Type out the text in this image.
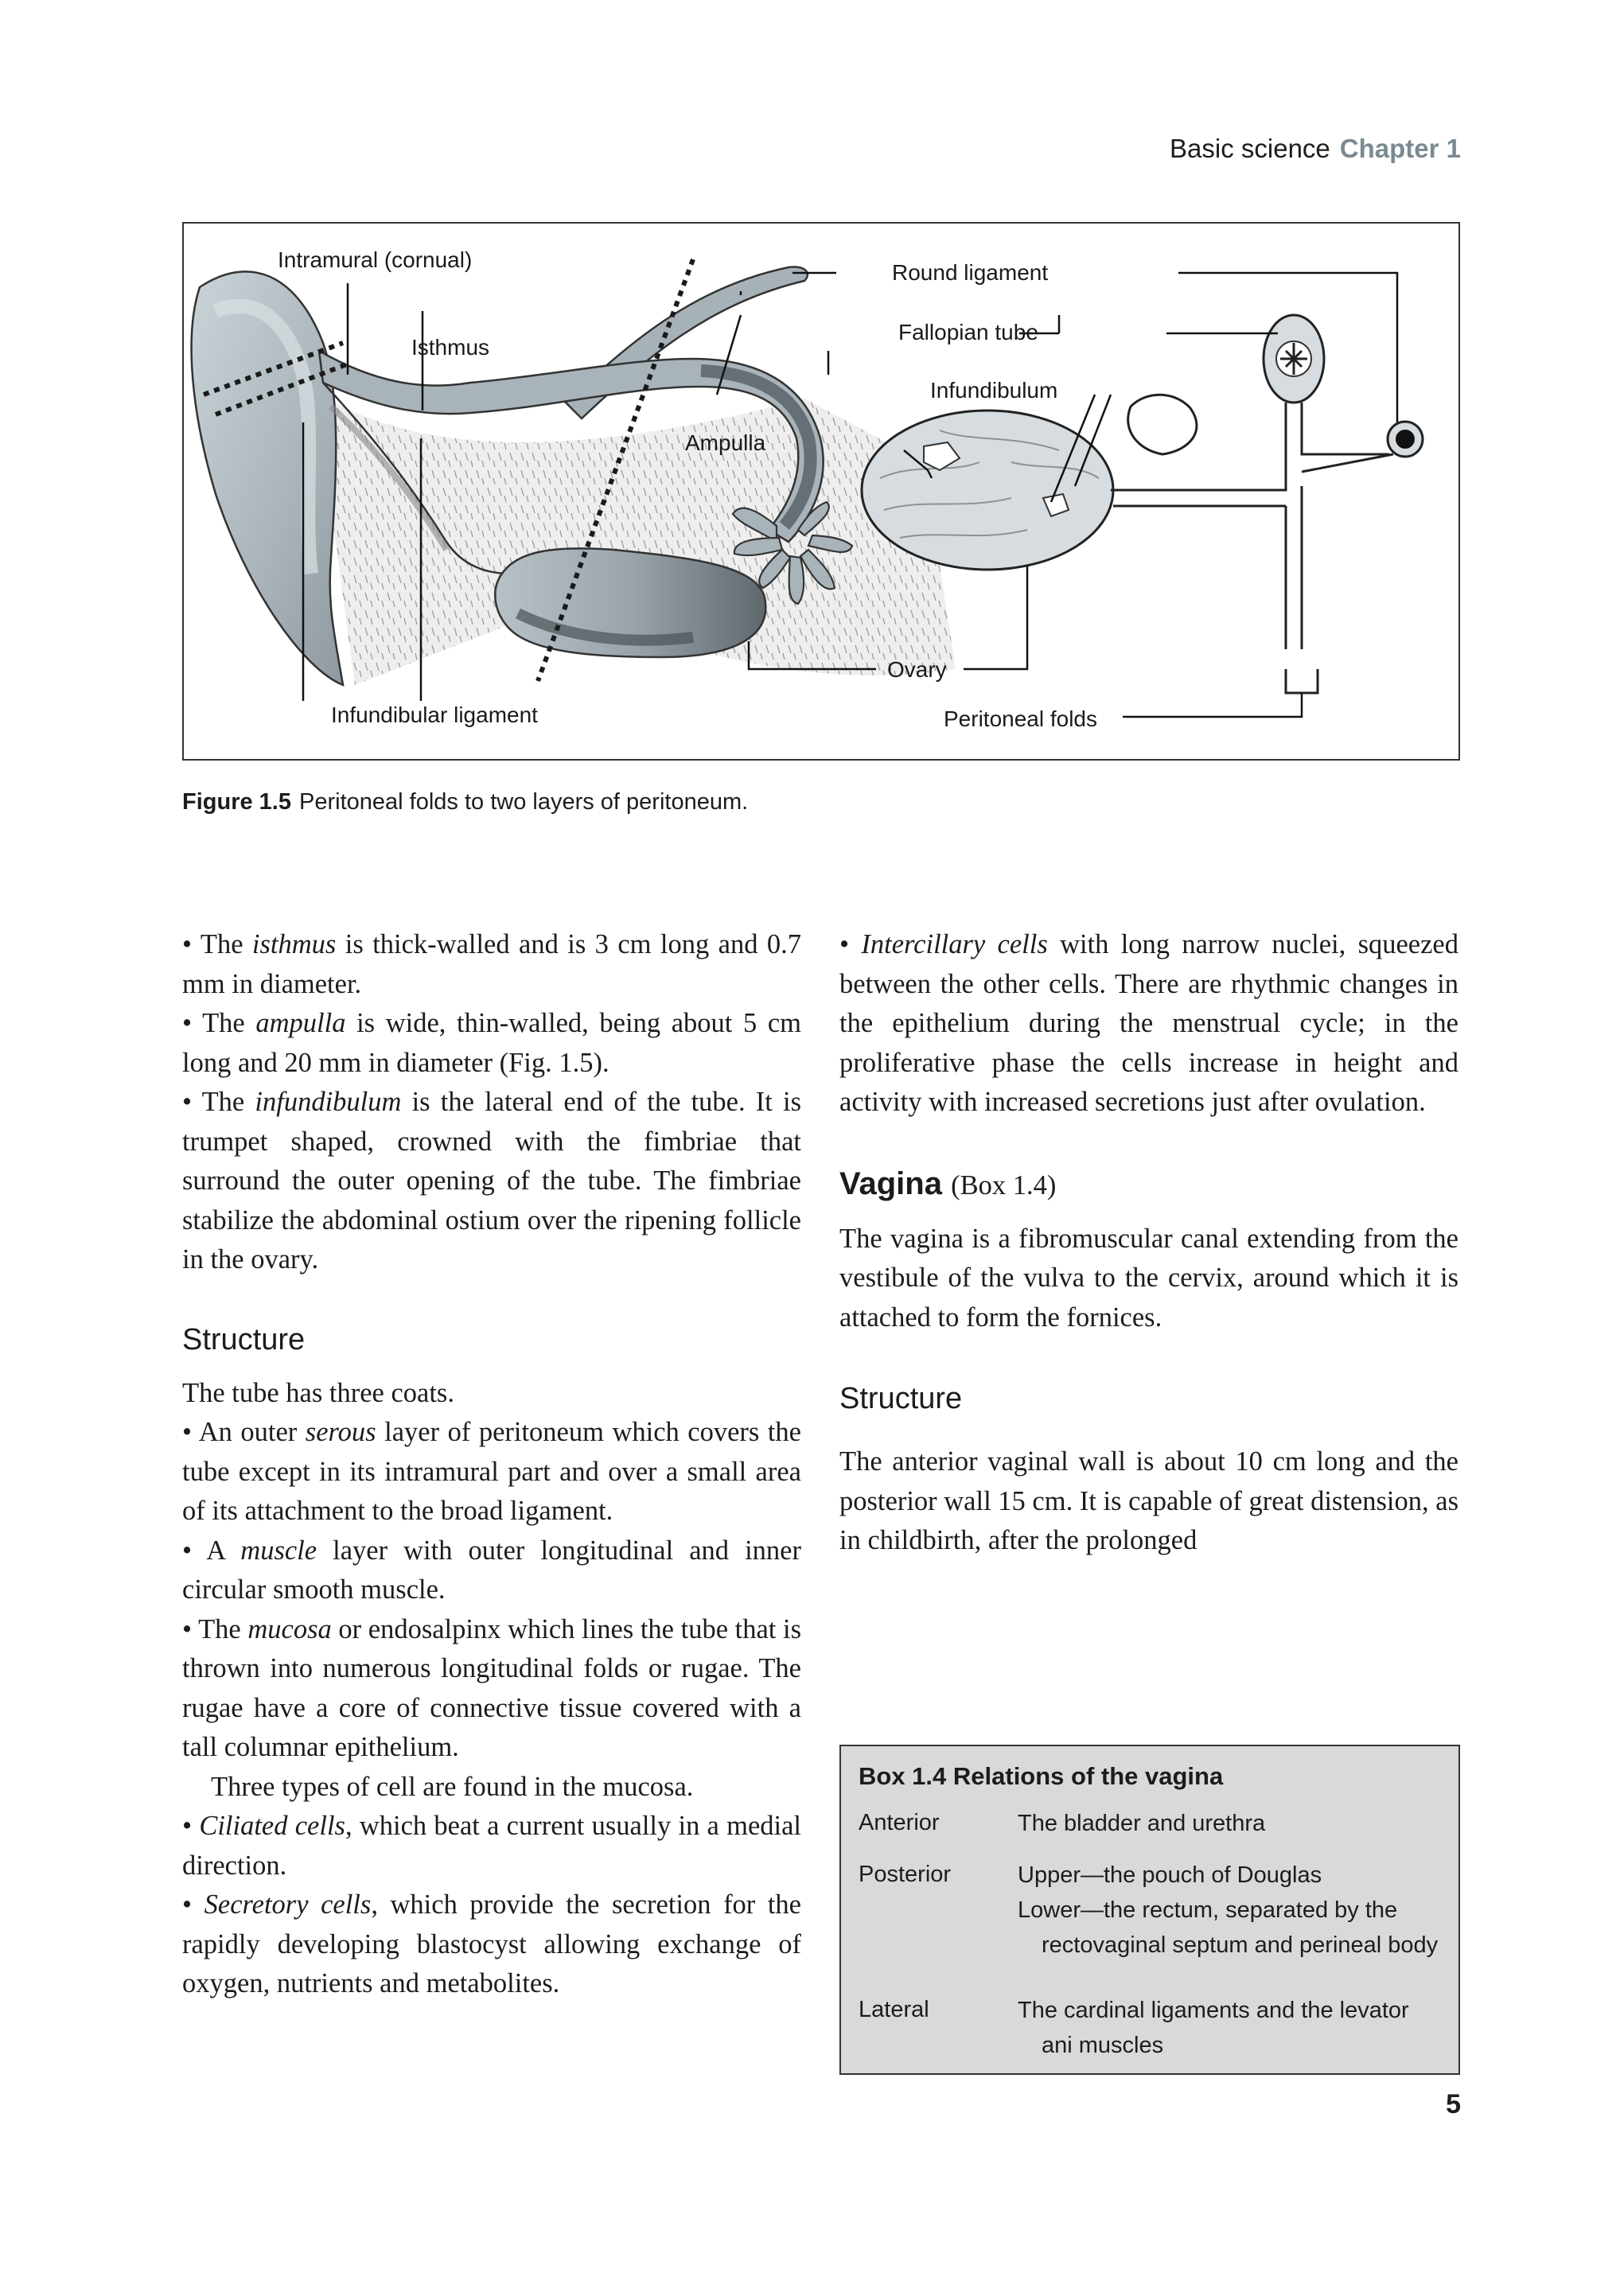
Basic science Chapter 1
Intramural (cornual)
Isthmus
Ampulla
Infundibular ligament
Round ligament
Fallopian tube
Infundibulum
Ovary
Peritoneal folds
Figure 1.5 Peritoneal folds to two layers of peritoneum.

• The isthmus is thick-walled and is 3 cm long and 0.7 mm in diameter.

• The ampulla is wide, thin-walled, being about 5 cm long and 20 mm in diameter (Fig. 1.5).

• The infundibulum is the lateral end of the tube. It is trumpet shaped, crowned with the fimbriae that surround the outer opening of the tube. The fimbriae stabilize the abdominal ostium over the ripening follicle in the ovary.

Structure

The tube has three coats.

• An outer serous layer of peritoneum which covers the tube except in its intramural part and over a small area of its attachment to the broad ligament.

• A muscle layer with outer longitudinal and inner circular smooth muscle.

• The mucosa or endosalpinx which lines the tube that is thrown into numerous longitudinal folds or rugae. The rugae have a core of connective tissue covered with a tall columnar epithelium.

Three types of cell are found in the mucosa.

• Ciliated cells, which beat a current usually in a medial direction.

• Secretory cells, which provide the secretion for the rapidly developing blastocyst allowing exchange of oxygen, nutrients and metabolites.

• Intercillary cells with long narrow nuclei, squeezed between the other cells. There are rhythmic changes in the epithelium during the menstrual cycle; in the proliferative phase the cells increase in height and activity with increased secretions just after ovulation.

Vagina (Box 1.4)

The vagina is a fibromuscular canal extending from the vestibule of the vulva to the cervix, around which it is attached to form the fornices.

Structure

The anterior vaginal wall is about 10 cm long and the posterior wall 15 cm. It is capable of great distension, as in childbirth, after the prolonged

Box 1.4 Relations of the vagina
Anterior	The bladder and urethra
Posterior	Upper—the pouch of Douglas
Lower—the rectum, separated by the
rectovaginal septum and perineal body
Lateral	The cardinal ligaments and the levator
ani muscles
5
